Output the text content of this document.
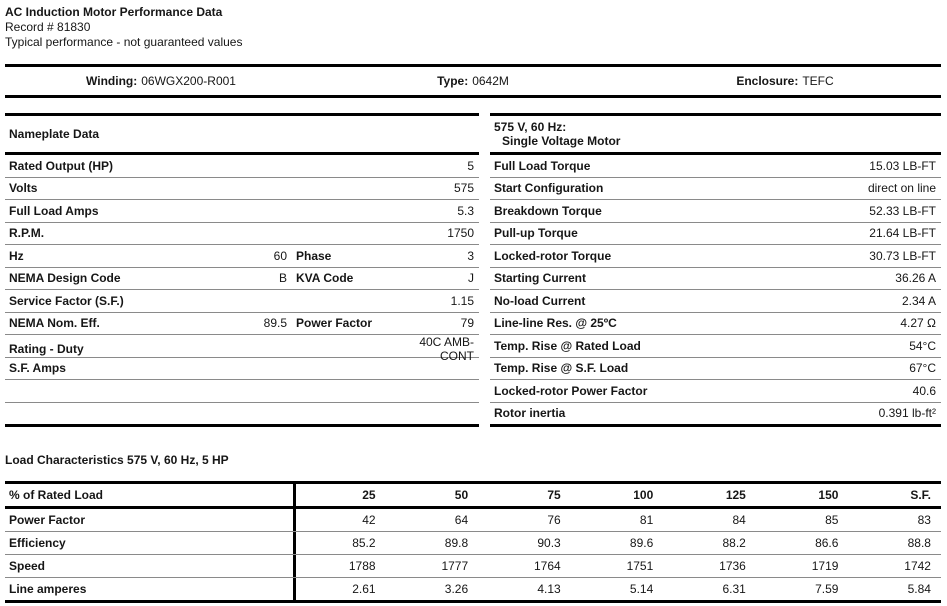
AC Induction Motor Performance Data
Record # 81830
Typical performance - not guaranteed values
Winding: 06WGX200-R001	Type: 0642M	Enclosure: TEFC
Nameplate Data
Rated Output (HP)	5
Volts	575
Full Load Amps	5.3
R.P.M.	1750
Hz	60 Phase	3
NEMA Design Code	B KVA Code	J
Service Factor (S.F.)	1.15
NEMA Nom. Eff.	89.5 Power Factor	79
Rating - Duty	40C AMB-CONT
S.F. Amps
575 V, 60 Hz:
Single Voltage Motor
Full Load Torque	15.03 LB-FT
Start Configuration	direct on line
Breakdown Torque	52.33 LB-FT
Pull-up Torque	21.64 LB-FT
Locked-rotor Torque	30.73 LB-FT
Starting Current	36.26 A
No-load Current	2.34 A
Line-line Res. @ 25ºC	4.27 Ω
Temp. Rise @ Rated Load	54°C
Temp. Rise @ S.F. Load	67°C
Locked-rotor Power Factor	40.6
Rotor inertia	0.391 lb-ft²
Load Characteristics 575 V, 60 Hz, 5 HP
% of Rated Load	25	50	75	100	125	150	S.F.
Power Factor	42	64	76	81	84	85	83
Efficiency	85.2	89.8	90.3	89.6	88.2	86.6	88.8
Speed	1788	1777	1764	1751	1736	1719	1742
Line amperes	2.61	3.26	4.13	5.14	6.31	7.59	5.84
